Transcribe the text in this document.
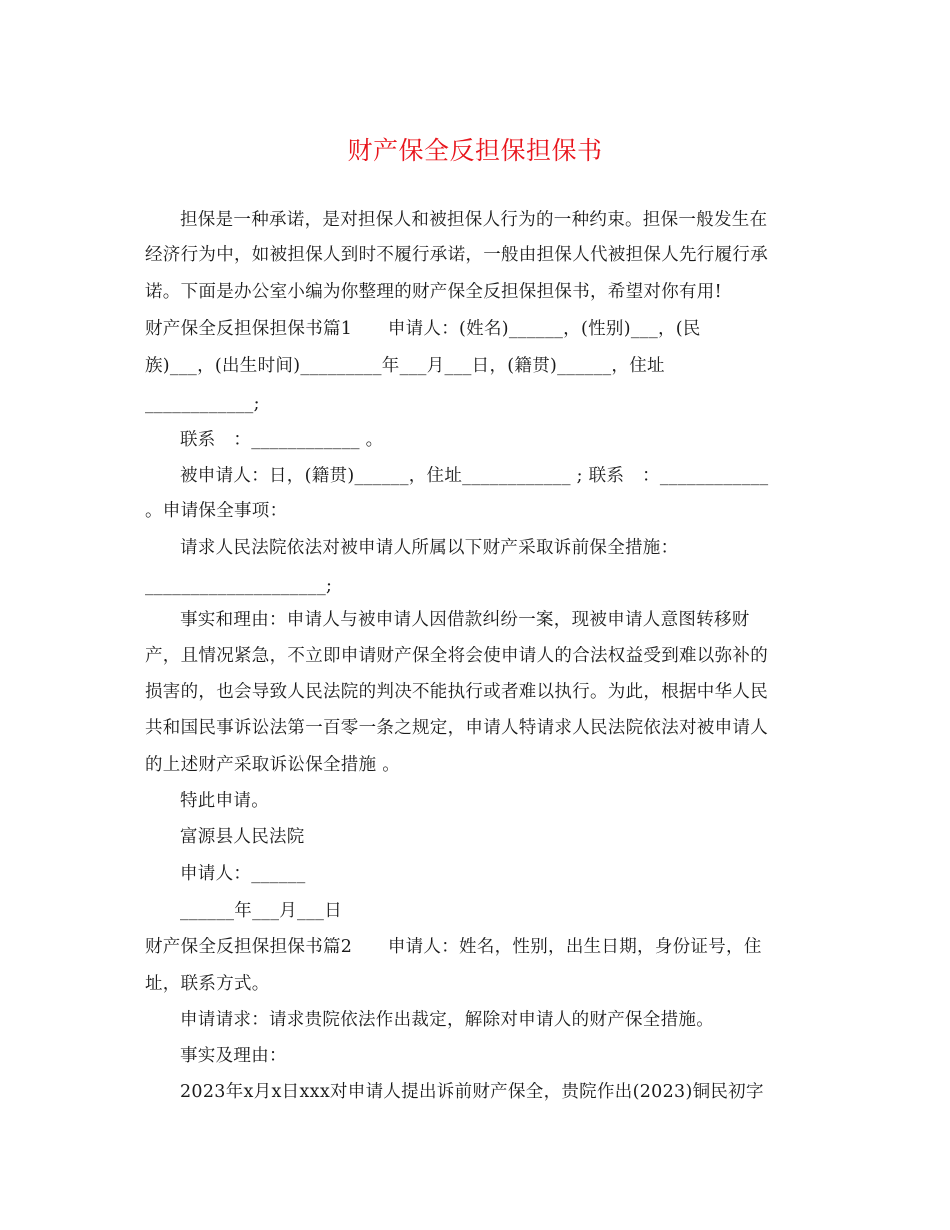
财产保全反担保担保书
担保是一种承诺，是对担保人和被担保人行为的一种约束。担保一般发生在
经济行为中，如被担保人到时不履行承诺，一般由担保人代被担保人先行履行承
诺。下面是办公室小编为你整理的财产保全反担保担保书，希望对你有用!
财产保全反担保担保书篇1　　申请人：(姓名)______，(性别)___，(民
族)___，(出生时间)_________年___月___日，(籍贯)______，住址
____________;
联系　：____________ 。
被申请人：日，(籍贯)______，住址____________ ; 联系　：____________
。申请保全事项：
请求人民法院依法对被申请人所属以下财产采取诉前保全措施：
____________________;
事实和理由：申请人与被申请人因借款纠纷一案，现被申请人意图转移财
产，且情况紧急，不立即申请财产保全将会使申请人的合法权益受到难以弥补的
损害的，也会导致人民法院的判决不能执行或者难以执行。为此，根据中华人民
共和国民事诉讼法第一百零一条之规定，申请人特请求人民法院依法对被申请人
的上述财产采取诉讼保全措施 。
特此申请。
富源县人民法院
申请人：______
______年___月___日
财产保全反担保担保书篇2　　申请人：姓名，性别，出生日期，身份证号，住
址，联系方式。
申请请求：请求贵院依法作出裁定，解除对申请人的财产保全措施。
事实及理由：
2023年x月x日xxx对申请人提出诉前财产保全，贵院作出(2023)铜民初字
